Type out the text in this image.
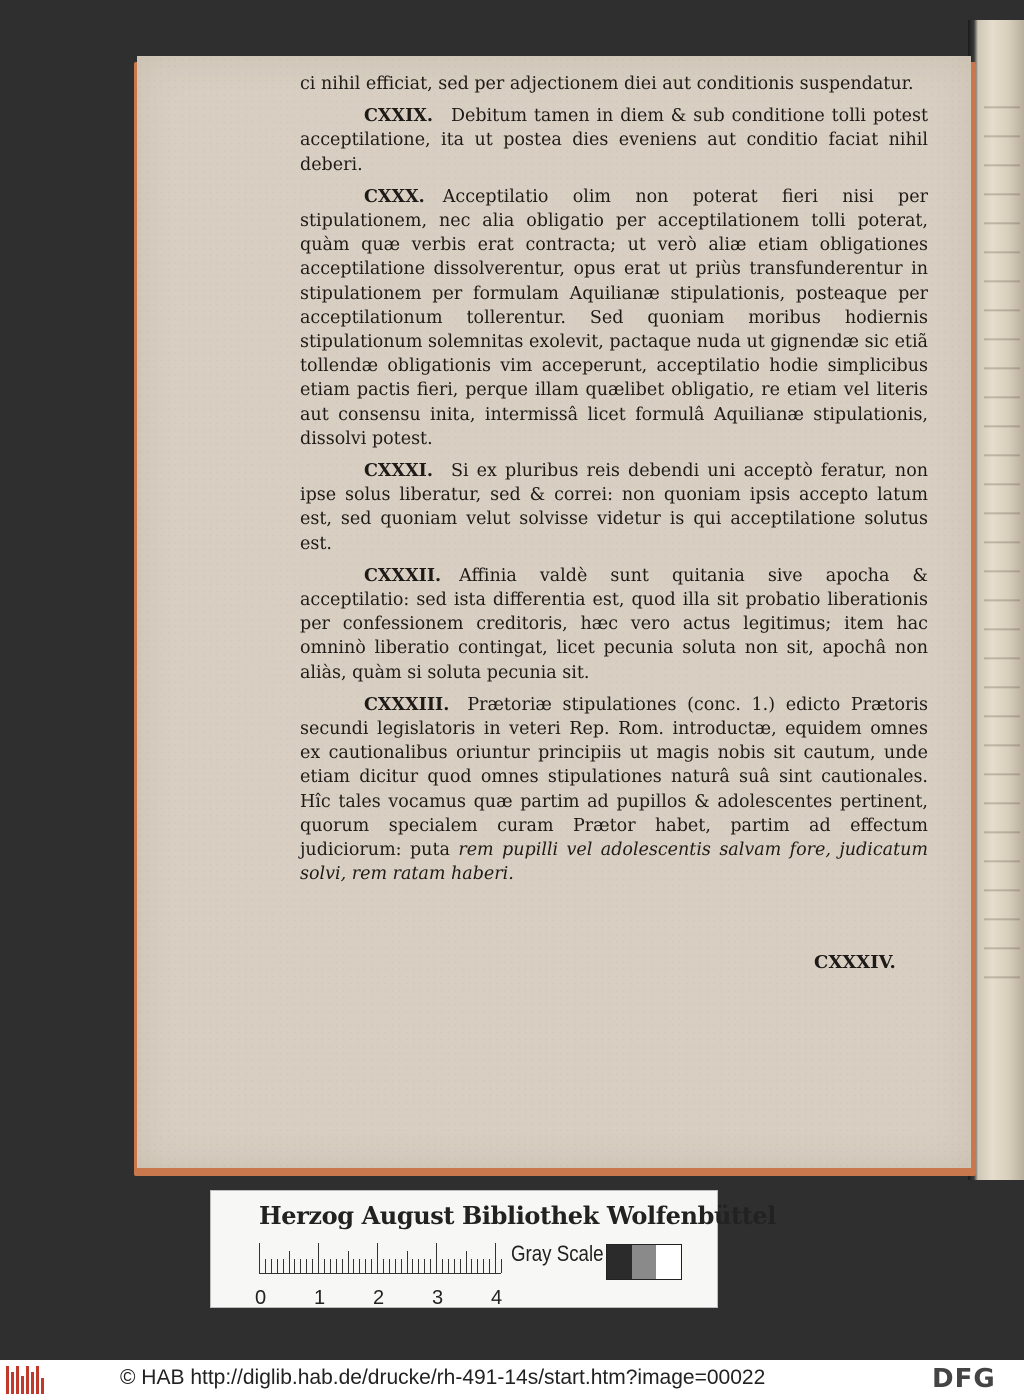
ci nihil efficiat, sed per adjectionem diei aut conditionis suspendatur.

CXXIX. Debitum tamen in diem & sub conditione tolli potest acceptilatione, ita ut postea dies eveniens aut conditio faciat nihil deberi.

CXXX. Acceptilatio olim non poterat fieri nisi per stipulationem, nec alia obligatio per acceptilationem tolli poterat, quàm quæ verbis erat contracta; ut verò aliæ etiam obligationes acceptilatione dissolverentur, opus erat ut priùs transfunderentur in stipulationem per formulam Aquilianæ stipulationis, posteaque per acceptilationum tollerentur. Sed quoniam moribus hodiernis stipulationum solemnitas exolevit, pactaque nuda ut gignendæ sic etiã tollendæ obligationis vim acceperunt, acceptilatio hodie simplicibus etiam pactis fieri, perque illam quælibet obligatio, re etiam vel literis aut consensu inita, intermissâ licet formulâ Aquilianæ stipulationis, dissolvi potest.

CXXXI. Si ex pluribus reis debendi uni acceptò feratur, non ipse solus liberatur, sed & correi: non quoniam ipsis accepto latum est, sed quoniam velut solvisse videtur is qui acceptilatione solutus est.

CXXXII. Affinia valdè sunt quitania sive apocha & acceptilatio: sed ista differentia est, quod illa sit probatio liberationis per confessionem creditoris, hæc vero actus legitimus; item hac omninò liberatio contingat, licet pecunia soluta non sit, apochâ non aliàs, quàm si soluta pecunia sit.

CXXXIII. Prætoriæ stipulationes (conc. 1.) edicto Prætoris secundi legislatoris in veteri Rep. Rom. introductæ, equidem omnes ex cautionalibus oriuntur principiis ut magis nobis sit cautum, unde etiam dicitur quod omnes stipulationes naturâ suâ sint cautionales. Hîc tales vocamus quæ partim ad pupillos & adolescentes pertinent, quorum specialem curam Prætor habet, partim ad effectum judiciorum: puta rem pupilli vel adolescentis salvam fore, judicatum solvi, rem ratam haberi.

CXXXIV.
Herzog August Bibliothek Wolfenbüttel
0 1 2 3 4
Gray Scale
© HAB http://diglib.hab.de/drucke/rh-491-14s/start.htm?image=00022	DFG
